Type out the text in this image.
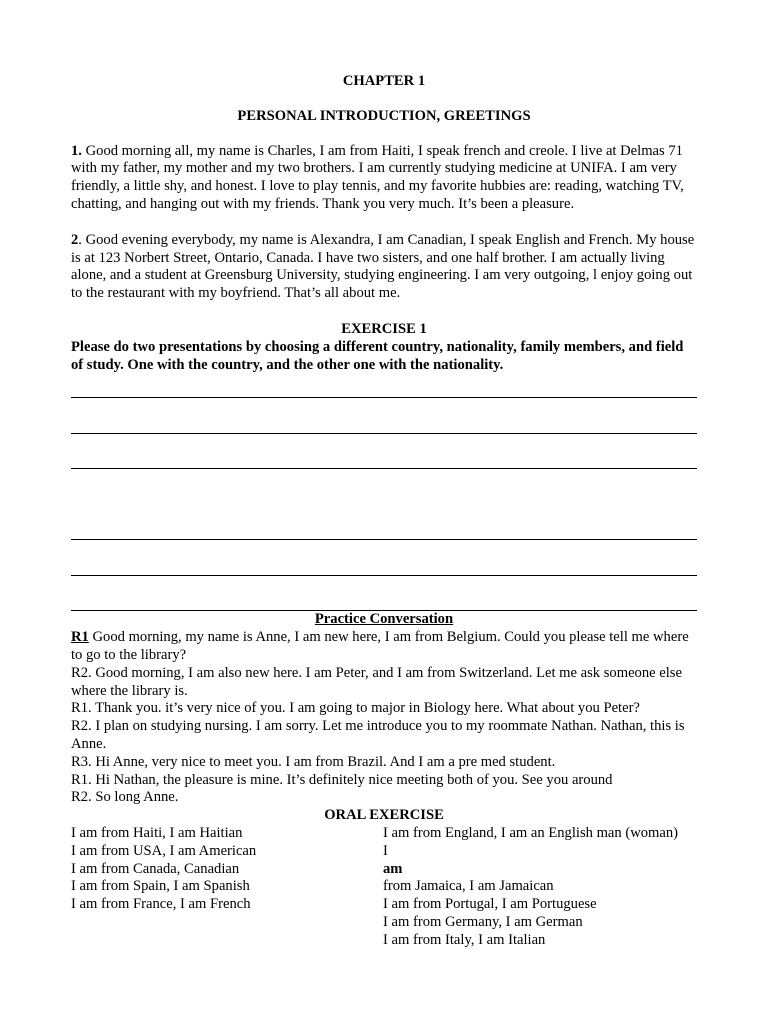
CHAPTER 1
PERSONAL INTRODUCTION, GREETINGS

1. Good morning all, my name is Charles, I am from Haiti, I speak french and creole. I live at Delmas 71 with my father, my mother and my two brothers. I am currently studying medicine at UNIFA. I am very friendly, a little shy, and honest. I love to play tennis, and my favorite hubbies are: reading, watching TV, chatting, and hanging out with my friends. Thank you very much. It’s been a pleasure.

2. Good evening everybody, my name is Alexandra, I am Canadian, I speak English and French. My house is at 123 Norbert Street, Ontario, Canada. I have two sisters, and one half brother. I am actually living alone, and a student at Greensburg University, studying engineering. I am very outgoing, l enjoy going out to the restaurant with my boyfriend. That’s all about me.

EXERCISE 1
Please do two presentations by choosing a different country, nationality, family members, and field of study. One with the country, and the other one with the nationality.
Practice Conversation

R1 Good morning, my name is Anne, I am new here, I am from Belgium. Could you please tell me where to go to the library?

R2. Good morning, I am also new here. I am Peter, and I am from Switzerland. Let me ask someone else where the library is.

R1. Thank you. it’s very nice of you. I am going to major in Biology here. What about you Peter?

R2. I plan on studying nursing. I am sorry. Let me introduce you to my roommate Nathan. Nathan, this is Anne.

R3. Hi Anne, very nice to meet you. I am from Brazil. And I am a pre med student.

R1. Hi Nathan, the pleasure is mine. It’s definitely nice meeting both of you. See you around

R2. So long Anne.

ORAL EXERCISE
I am from Haiti, I am Haitian
I am from USA, I am American
I am from Canada, Canadian
I am from Spain, I am Spanish
I am from France, I am French
I am from England, I am an English man (woman)
I
am
from Jamaica, I am Jamaican
I am from Portugal, I am Portuguese
I am from Germany, I am German
I am from Italy, I am Italian
